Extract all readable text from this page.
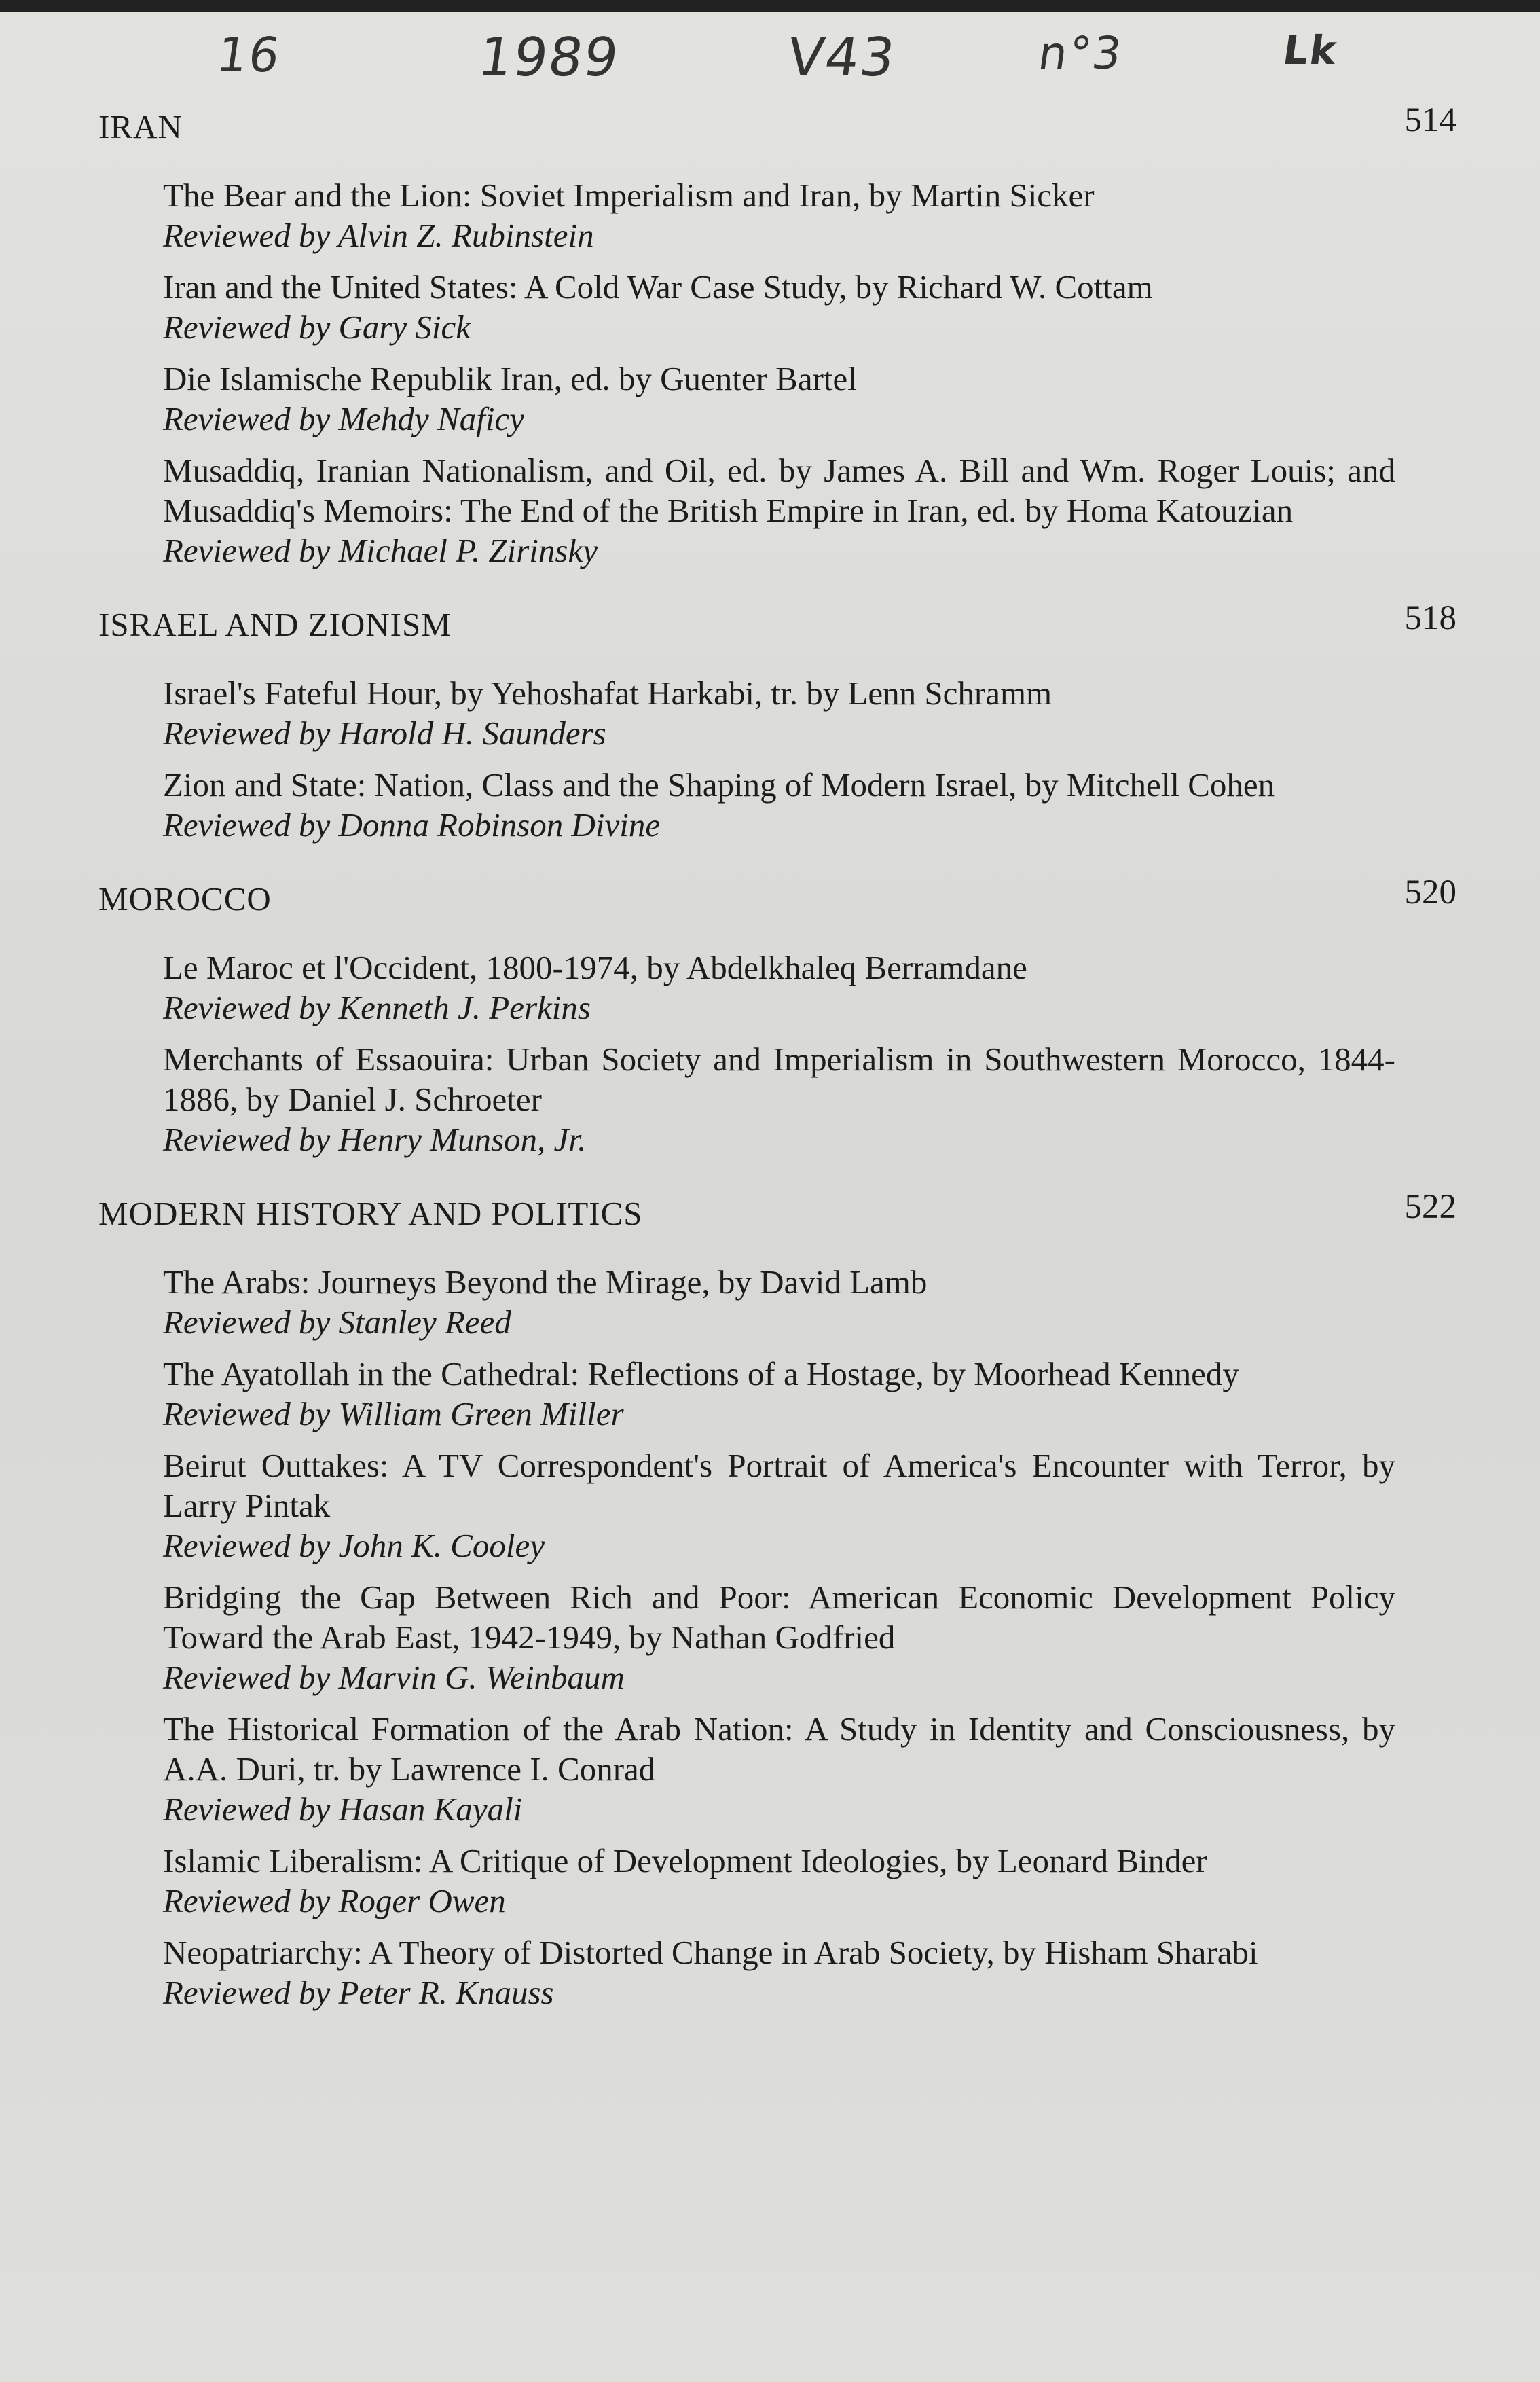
16	1989	V43	n°3	Lk
IRAN	514
The Bear and the Lion: Soviet Imperialism and Iran, by Martin Sicker
Reviewed by Alvin Z. Rubinstein
Iran and the United States: A Cold War Case Study, by Richard W. Cottam
Reviewed by Gary Sick
Die Islamische Republik Iran, ed. by Guenter Bartel
Reviewed by Mehdy Naficy
Musaddiq, Iranian Nationalism, and Oil, ed. by James A. Bill and Wm. Roger Louis; and Musaddiq's Memoirs: The End of the British Empire in Iran, ed. by Homa Katouzian
Reviewed by Michael P. Zirinsky
ISRAEL AND ZIONISM	518
Israel's Fateful Hour, by Yehoshafat Harkabi, tr. by Lenn Schramm
Reviewed by Harold H. Saunders
Zion and State: Nation, Class and the Shaping of Modern Israel, by Mitchell Cohen
Reviewed by Donna Robinson Divine
MOROCCO	520
Le Maroc et l'Occident, 1800-1974, by Abdelkhaleq Berramdane
Reviewed by Kenneth J. Perkins
Merchants of Essaouira: Urban Society and Imperialism in Southwestern Morocco, 1844-1886, by Daniel J. Schroeter
Reviewed by Henry Munson, Jr.
MODERN HISTORY AND POLITICS	522
The Arabs: Journeys Beyond the Mirage, by David Lamb
Reviewed by Stanley Reed
The Ayatollah in the Cathedral: Reflections of a Hostage, by Moorhead Kennedy
Reviewed by William Green Miller
Beirut Outtakes: A TV Correspondent's Portrait of America's Encounter with Terror, by Larry Pintak
Reviewed by John K. Cooley
Bridging the Gap Between Rich and Poor: American Economic Development Policy Toward the Arab East, 1942-1949, by Nathan Godfried
Reviewed by Marvin G. Weinbaum
The Historical Formation of the Arab Nation: A Study in Identity and Consciousness, by A.A. Duri, tr. by Lawrence I. Conrad
Reviewed by Hasan Kayali
Islamic Liberalism: A Critique of Development Ideologies, by Leonard Binder
Reviewed by Roger Owen
Neopatriarchy: A Theory of Distorted Change in Arab Society, by Hisham Sharabi
Reviewed by Peter R. Knauss
